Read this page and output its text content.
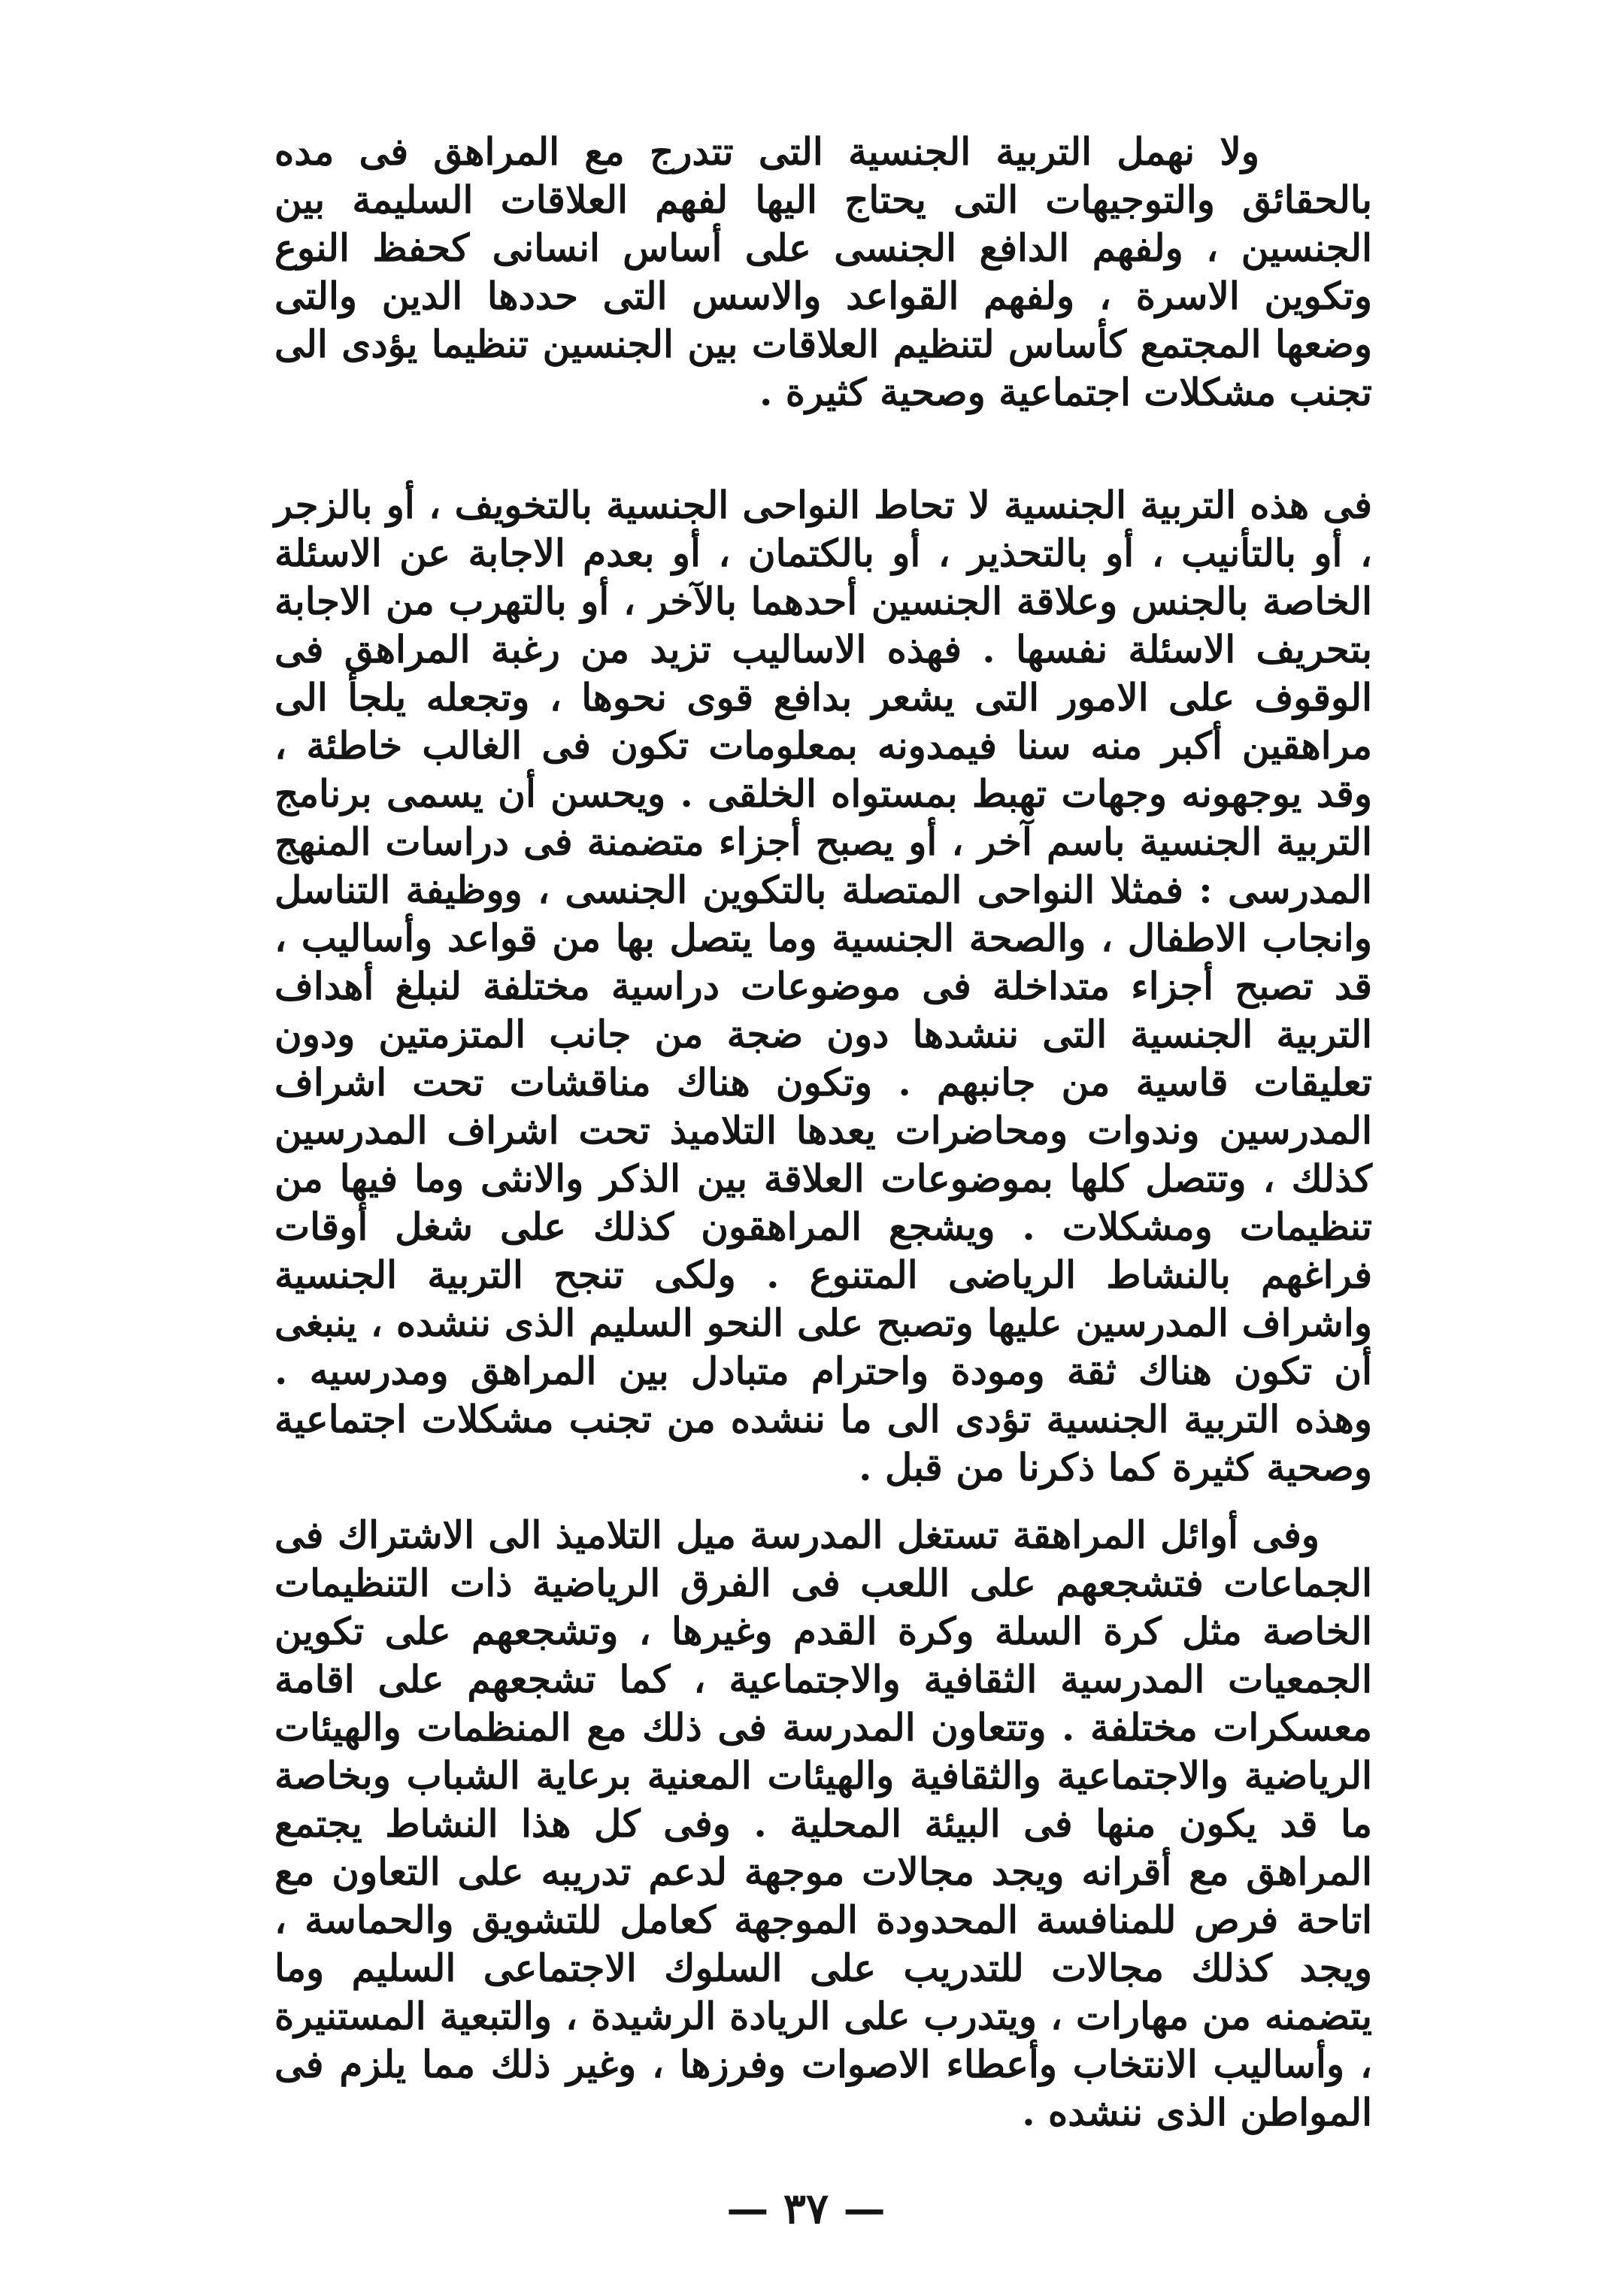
ولا نهمل التربية الجنسية التى تتدرج مع المراهق فى مده بالحقائق والتوجيهات التى يحتاج اليها لفهم العلاقات السليمة بين الجنسين ، ولفهم الدافع الجنسى على أساس انسانى كحفظ النوع وتكوين الاسرة ، ولفهم القواعد والاسس التى حددها الدين والتى وضعها المجتمع كأساس لتنظيم العلاقات بين الجنسين تنظيما يؤدى الى تجنب مشكلات اجتماعية وصحية كثيرة .

فى هذه التربية الجنسية لا تحاط النواحى الجنسية بالتخويف ، أو بالزجر ، أو بالتأنيب ، أو بالتحذير ، أو بالكتمان ، أو بعدم الاجابة عن الاسئلة الخاصة بالجنس وعلاقة الجنسين أحدهما بالآخر ، أو بالتهرب من الاجابة بتحريف الاسئلة نفسها . فهذه الاساليب تزيد من رغبة المراهق فى الوقوف على الامور التى يشعر بدافع قوى نحوها ، وتجعله يلجأ الى مراهقين أكبر منه سنا فيمدونه بمعلومات تكون فى الغالب خاطئة ، وقد يوجهونه وجهات تهبط بمستواه الخلقى . ويحسن أن يسمى برنامج التربية الجنسية باسم آخر ، أو يصبح أجزاء متضمنة فى دراسات المنهج المدرسى : فمثلا النواحى المتصلة بالتكوين الجنسى ، ووظيفة التناسل وانجاب الاطفال ، والصحة الجنسية وما يتصل بها من قواعد وأساليب ، قد تصبح أجزاء متداخلة فى موضوعات دراسية مختلفة لنبلغ أهداف التربية الجنسية التى ننشدها دون ضجة من جانب المتزمتين ودون تعليقات قاسية من جانبهم . وتكون هناك مناقشات تحت اشراف المدرسين وندوات ومحاضرات يعدها التلاميذ تحت اشراف المدرسين كذلك ، وتتصل كلها بموضوعات العلاقة بين الذكر والانثى وما فيها من تنظيمات ومشكلات . ويشجع المراهقون كذلك على شغل أوقات فراغهم بالنشاط الرياضى المتنوع . ولكى تنجح التربية الجنسية واشراف المدرسين عليها وتصبح على النحو السليم الذى ننشده ، ينبغى أن تكون هناك ثقة ومودة واحترام متبادل بين المراهق ومدرسيه . وهذه التربية الجنسية تؤدى الى ما ننشده من تجنب مشكلات اجتماعية وصحية كثيرة كما ذكرنا من قبل .

وفى أوائل المراهقة تستغل المدرسة ميل التلاميذ الى الاشتراك فى الجماعات فتشجعهم على اللعب فى الفرق الرياضية ذات التنظيمات الخاصة مثل كرة السلة وكرة القدم وغيرها ، وتشجعهم على تكوين الجمعيات المدرسية الثقافية والاجتماعية ، كما تشجعهم على اقامة معسكرات مختلفة . وتتعاون المدرسة فى ذلك مع المنظمات والهيئات الرياضية والاجتماعية والثقافية والهيئات المعنية برعاية الشباب وبخاصة ما قد يكون منها فى البيئة المحلية . وفى كل هذا النشاط يجتمع المراهق مع أقرانه ويجد مجالات موجهة لدعم تدريبه على التعاون مع اتاحة فرص للمنافسة المحدودة الموجهة كعامل للتشويق والحماسة ، ويجد كذلك مجالات للتدريب على السلوك الاجتماعى السليم وما يتضمنه من مهارات ، ويتدرب على الريادة الرشيدة ، والتبعية المستنيرة ، وأساليب الانتخاب وأعطاء الاصوات وفرزها ، وغير ذلك مما يلزم فى المواطن الذى ننشده .

— ٣٧ —
